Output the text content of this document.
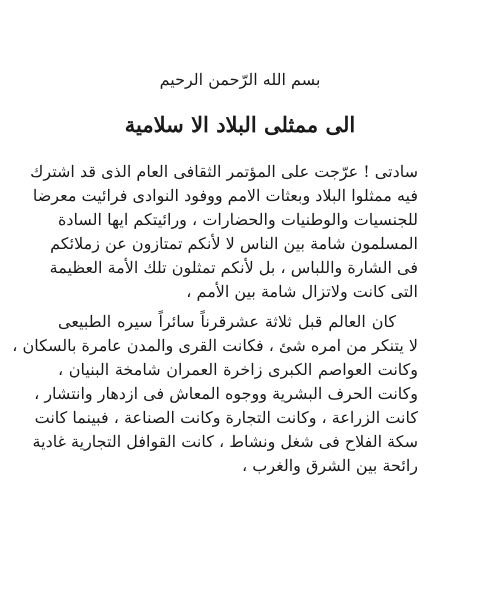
بسم الله الرّحمن الرحيم
الى ممثلى البلاد الا سلامية
سادتى ! عرّجت على المؤتمر الثقافى العام الذى قد اشترك
فيه ممثلوا البلاد وبعثات الامم ووفود النوادى فرائيت معرضا
للجنسيات والوطنيات والحضارات ، ورائيتكم ايها السادة
المسلمون شامة بين الناس لا لأنكم تمتازون عن زملائكم
فى الشارة واللباس ، بل لأنكم تمثلون تلك الأمة العظيمة
التى كانت ولاتزال شامة بين الأمم ،
كان العالم قبل ثلاثة عشرقرناً سائراً سيره الطبيعى
لا يتنكر من امره شئ ، فكانت القرى والمدن عامرة بالسكان ،
وكانت العواصم الكبرى زاخرة العمران شامخة البنيان ،
وكانت الحرف البشرية ووجوه المعاش فى ازدهار وانتشار ،
كانت الزراعة ، وكانت التجارة وكانت الصناعة ، فبينما كانت
سكة الفلاح فى شغل ونشاط ، كانت القوافل التجارية غادية
رائحة بين الشرق والغرب ،
